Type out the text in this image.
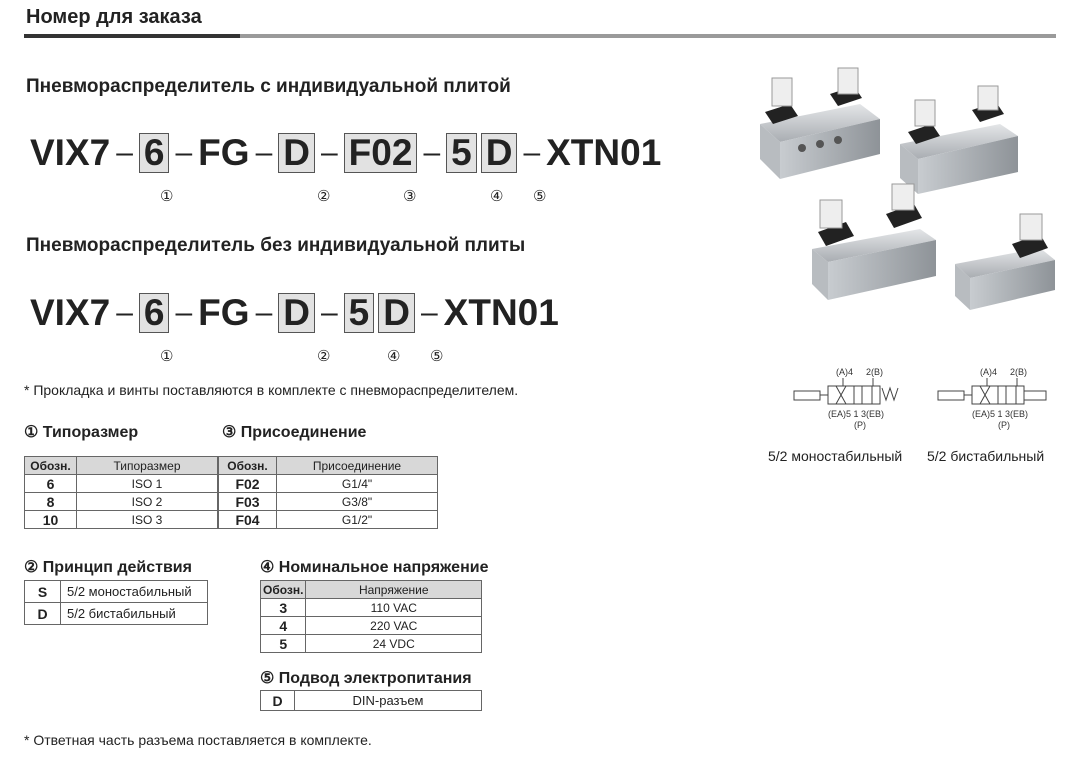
Номер для заказа
Пневмораспределитель с индивидуальной плитой
VIX7 – 6 – FG – D – F02 – 5 D – XTN01
①	②	③	④ ⑤
Пневмораспределитель без индивидуальной плиты
VIX7 – 6 – FG – D – 5 D – XTN01
①	②	④ ⑤
* Прокладка и винты поставляются в комплекте с пневмораспределителем.
① Типоразмер
Обозн.	Типоразмер
6	ISO 1
8	ISO 2
10	ISO 3
③ Присоединение
Обозн.	Присоединение
F02	G1/4"
F03	G3/8"
F04	G1/2"
② Принцип действия
S	5/2 моностабильный
D	5/2 бистабильный
④ Номинальное напряжение
Обозн.	Напряжение
3	110 VAC
4	220 VAC
5	24 VDC
⑤ Подвод электропитания
D	DIN-разъем
* Ответная часть разъема поставляется в комплекте.
(A)4 2(B)
(EA)5 1 3(EB)
(P)
(A)4 2(B)
(EA)5 1 3(EB)
(P)
5/2 моностабильный 5/2 бистабильный
